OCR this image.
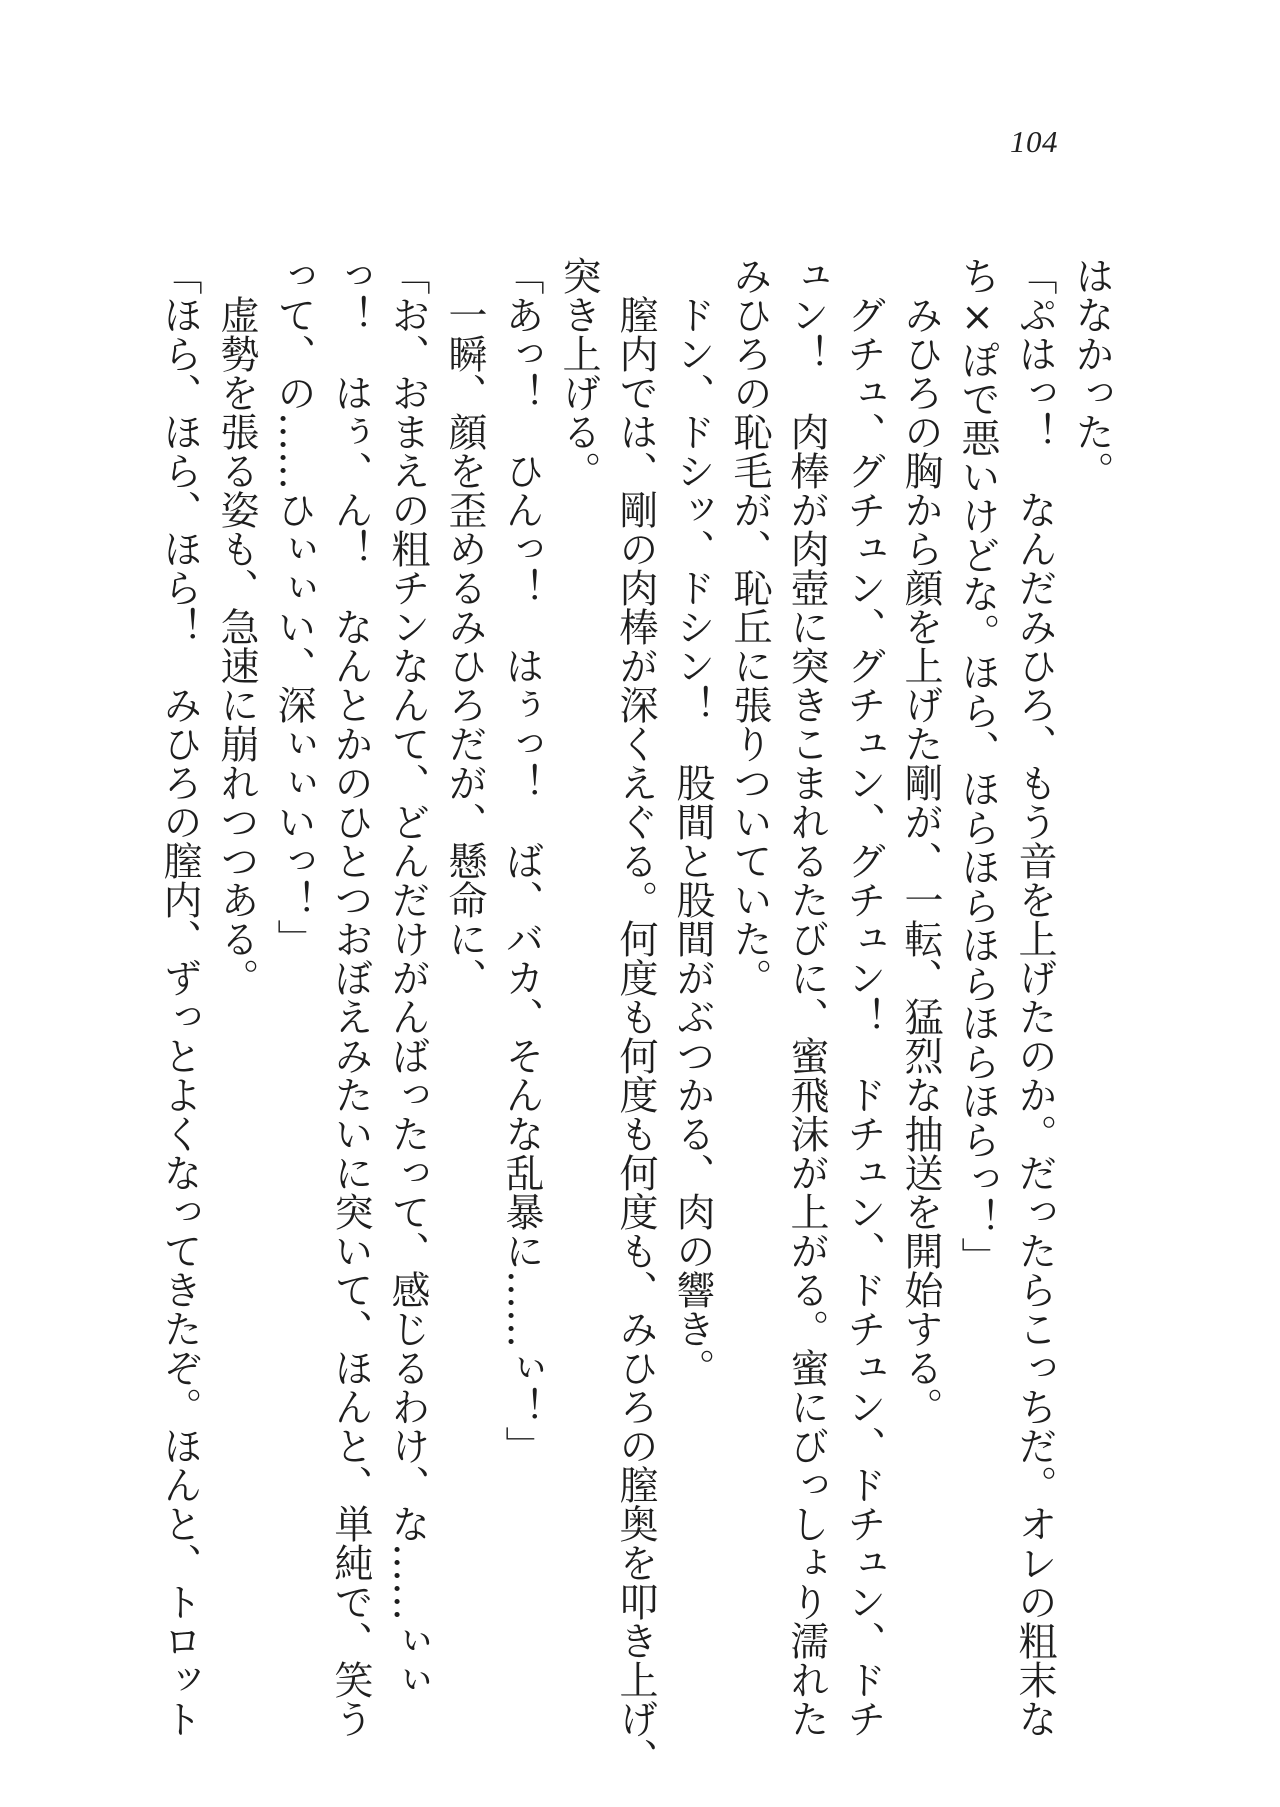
104

はなかった。

「ぷはっ！　なんだみひろ、もう音を上げたのか。だったらこっちだ。オレの粗末な

ち×ぽで悪いけどな。ほら、ほらほらほらほらほらっ！」

　みひろの胸から顔を上げた剛が、一転、猛烈な抽送を開始する。

　グチュ、グチュン、グチュン、グチュン！　ドチュン、ドチュン、ドチュン、ドチ

ュン！　肉棒が肉壺に突きこまれるたびに、蜜飛沫が上がる。蜜にびっしょり濡れた

みひろの恥毛が、恥丘に張りついていた。

　ドン、ドシッ、ドシン！　股間と股間がぶつかる、肉の響き。

　膣内では、剛の肉棒が深くえぐる。何度も何度も何度も、みひろの膣奥を叩き上げ、

突き上げる。

「あっ！　ひんっ！　はぅっ！　ば、バカ、そんな乱暴に……ぃ！」

　一瞬、顔を歪めるみひろだが、懸命に、

「お、おまえの粗チンなんて、どんだけがんばったって、感じるわけ、な……ぃぃ

っ！　はぅ、ん！　なんとかのひとつおぼえみたいに突いて、ほんと、単純で、笑う

って、の……ひぃぃい、深ぃぃいっ！」

　虚勢を張る姿も、急速に崩れつつある。

「ほら、ほら、ほら！　みひろの膣内、ずっとよくなってきたぞ。ほんと、トロット
